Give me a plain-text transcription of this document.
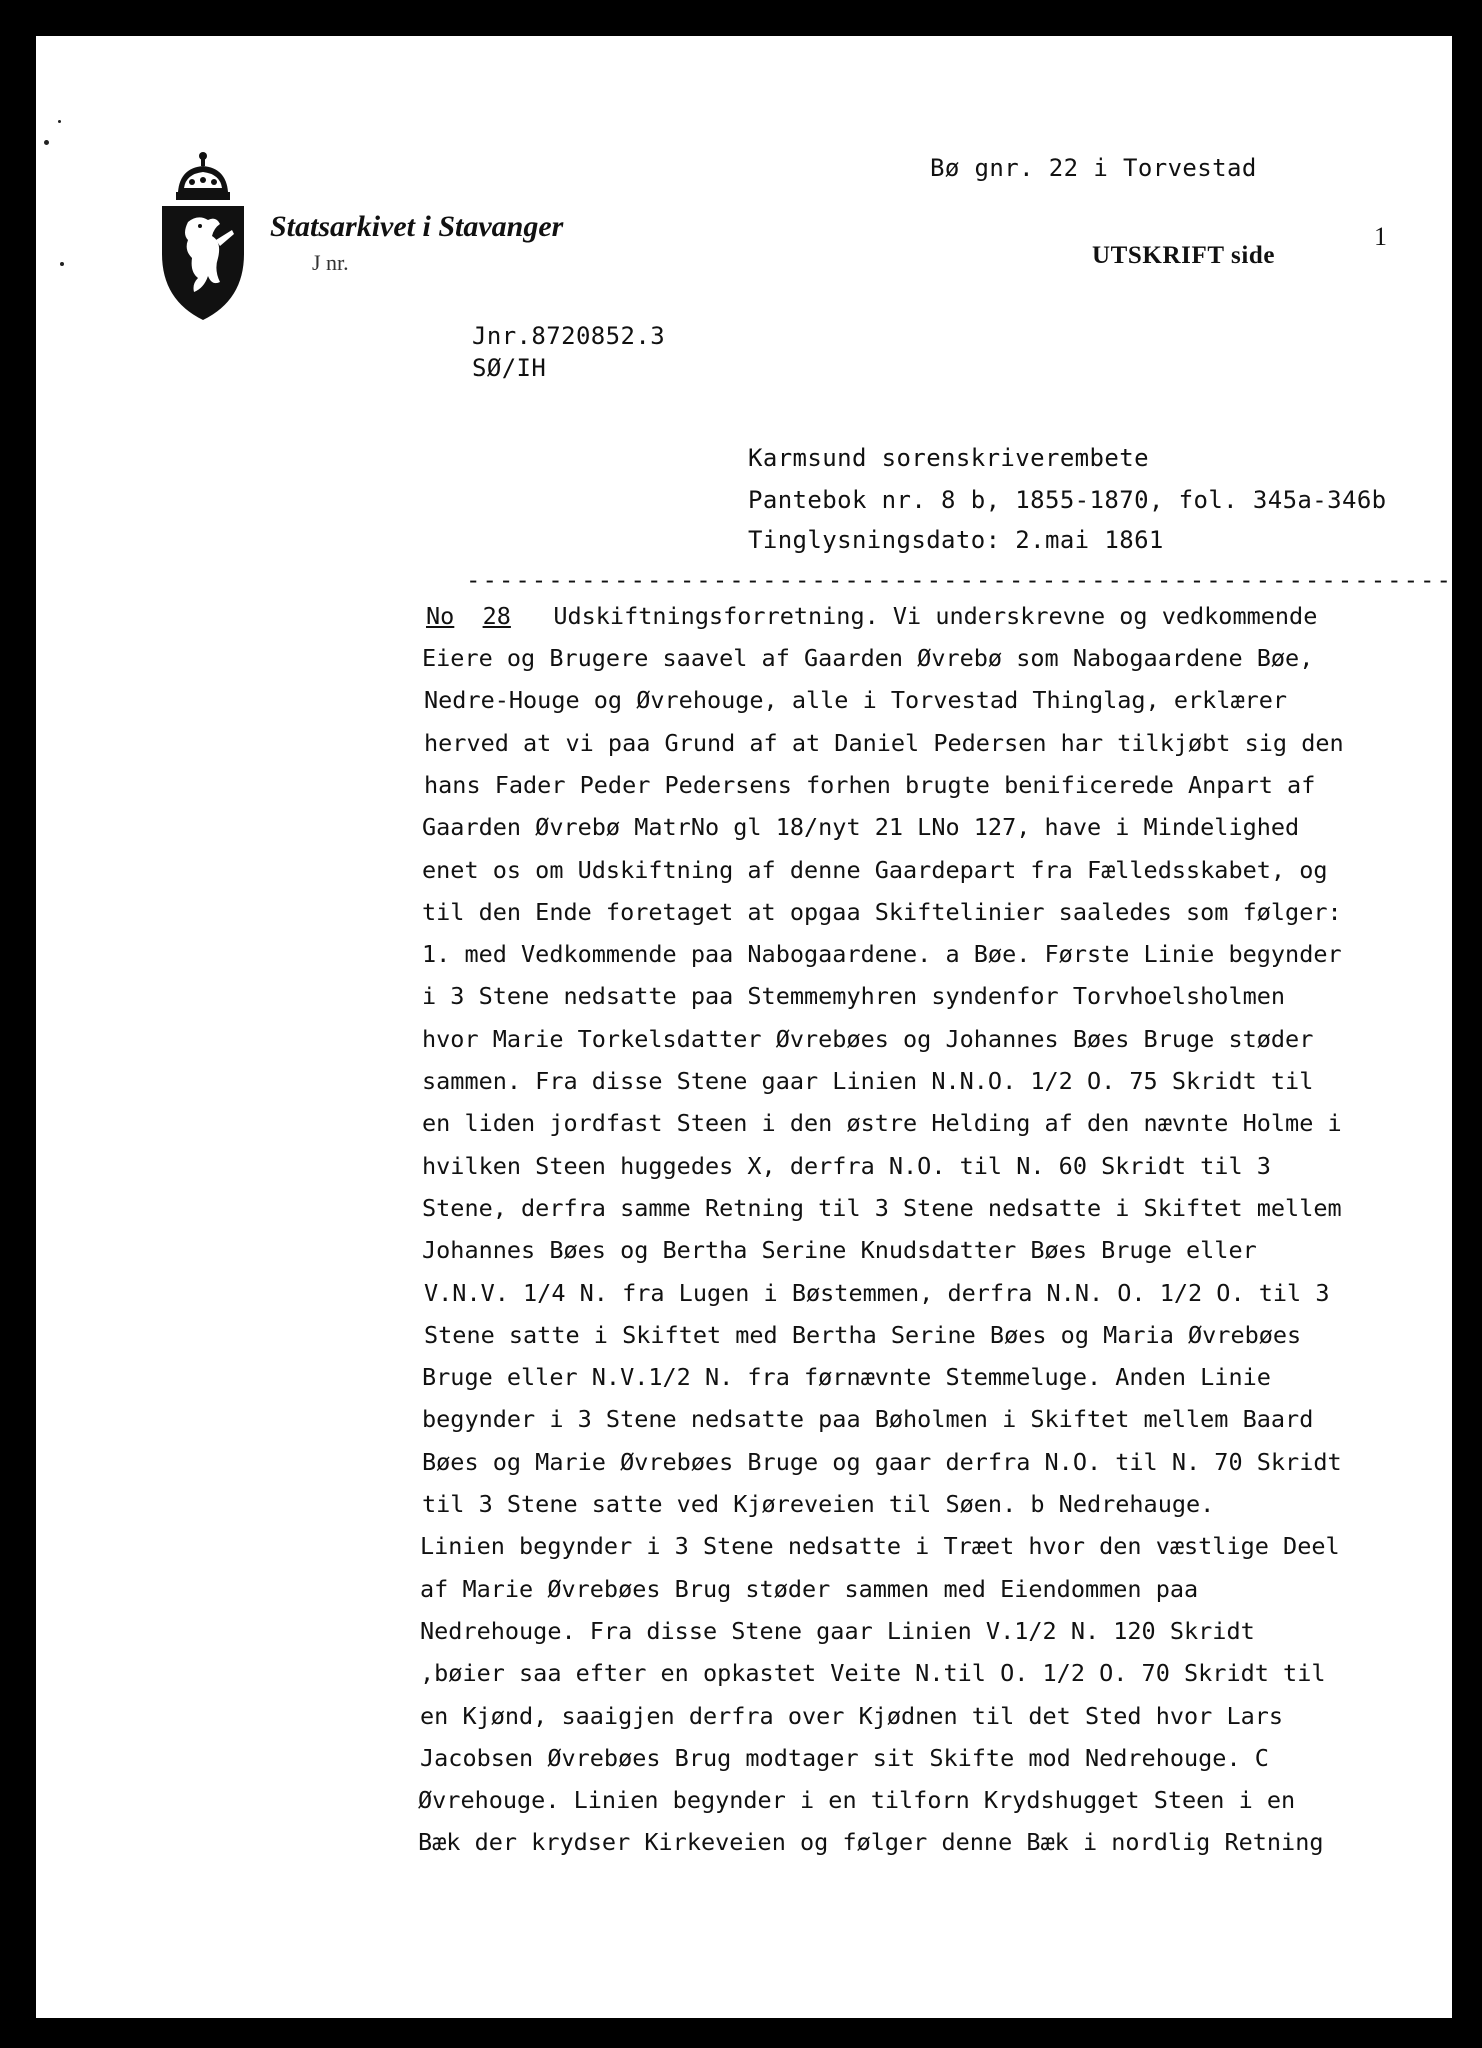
Statsarkivet i Stavanger
J nr.
Bø gnr. 22 i Torvestad
UTSKRIFT side
1
Jnr.8720852.3
SØ/IH
Karmsund sorenskriverembete
Pantebok nr. 8 b, 1855-1870, fol. 345a-346b
Tinglysningsdato: 2.mai 1861
------------------------------------------------------------
No 28 Udskiftningsforretning. Vi underskrevne og vedkommende
Eiere og Brugere saavel af Gaarden Øvrebø som Nabogaardene Bøe,
Nedre-Houge og Øvrehouge, alle i Torvestad Thinglag, erklærer
herved at vi paa Grund af at Daniel Pedersen har tilkjøbt sig den
hans Fader Peder Pedersens forhen brugte benificerede Anpart af
Gaarden Øvrebø MatrNo gl 18/nyt 21 LNo 127, have i Mindelighed
enet os om Udskiftning af denne Gaardepart fra Fælledsskabet, og
til den Ende foretaget at opgaa Skiftelinier saaledes som følger:
1. med Vedkommende paa Nabogaardene. a Bøe. Første Linie begynder
i 3 Stene nedsatte paa Stemmemyhren syndenfor Torvhoelsholmen
hvor Marie Torkelsdatter Øvrebøes og Johannes Bøes Bruge støder
sammen. Fra disse Stene gaar Linien N.N.O. 1/2 O. 75 Skridt til
en liden jordfast Steen i den østre Helding af den nævnte Holme i
hvilken Steen huggedes X, derfra N.O. til N. 60 Skridt til 3
Stene, derfra samme Retning til 3 Stene nedsatte i Skiftet mellem
Johannes Bøes og Bertha Serine Knudsdatter Bøes Bruge eller
V.N.V. 1/4 N. fra Lugen i Bøstemmen, derfra N.N. O. 1/2 O. til 3
Stene satte i Skiftet med Bertha Serine Bøes og Maria Øvrebøes
Bruge eller N.V.1/2 N. fra førnævnte Stemmeluge. Anden Linie
begynder i 3 Stene nedsatte paa Bøholmen i Skiftet mellem Baard
Bøes og Marie Øvrebøes Bruge og gaar derfra N.O. til N. 70 Skridt
til 3 Stene satte ved Kjøreveien til Søen. b Nedrehauge.
Linien begynder i 3 Stene nedsatte i Træet hvor den væstlige Deel
af Marie Øvrebøes Brug støder sammen med Eiendommen paa
Nedrehouge. Fra disse Stene gaar Linien V.1/2 N. 120 Skridt
,bøier saa efter en opkastet Veite N.til O. 1/2 O. 70 Skridt til
en Kjønd, saaigjen derfra over Kjødnen til det Sted hvor Lars
Jacobsen Øvrebøes Brug modtager sit Skifte mod Nedrehouge. C
Øvrehouge. Linien begynder i en tilforn Krydshugget Steen i en
Bæk der krydser Kirkeveien og følger denne Bæk i nordlig Retning
